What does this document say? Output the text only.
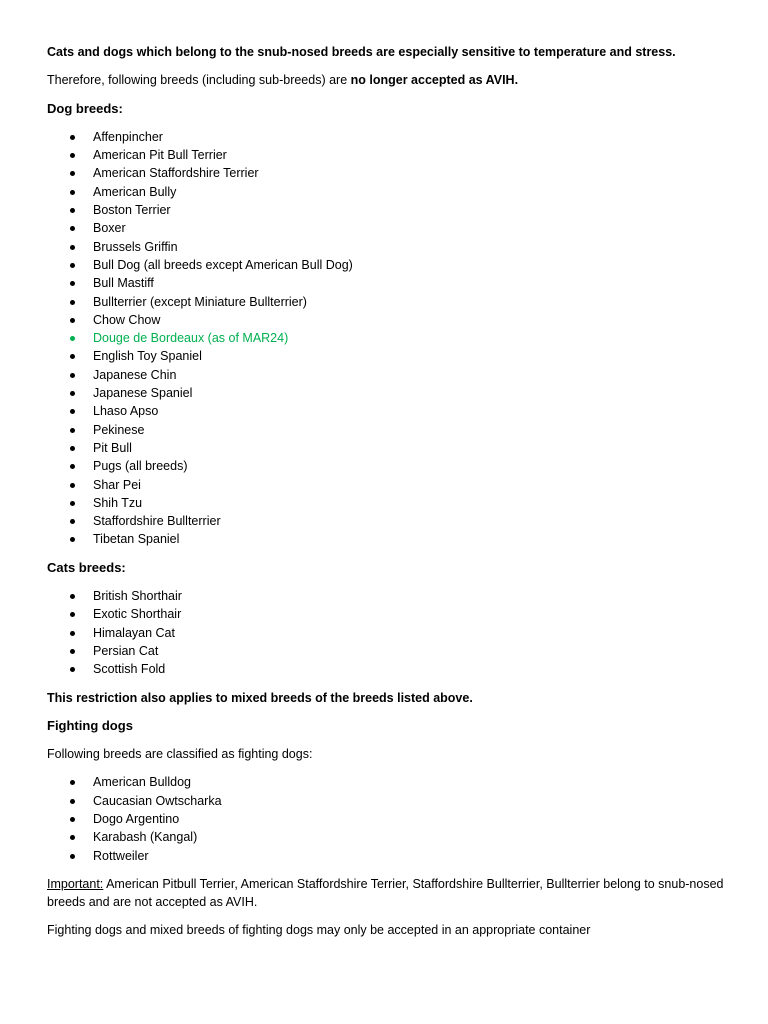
Cats and dogs which belong to the snub-nosed breeds are especially sensitive to temperature and stress.

Therefore, following breeds (including sub-breeds) are no longer accepted as AVIH.

Dog breeds:

Affenpincher
American Pit Bull Terrier
American Staffordshire Terrier
American Bully
Boston Terrier
Boxer
Brussels Griffin
Bull Dog (all breeds except American Bull Dog)
Bull Mastiff
Bullterrier (except Miniature Bullterrier)
Chow Chow
Douge de Bordeaux (as of MAR24)
English Toy Spaniel
Japanese Chin
Japanese Spaniel
Lhaso Apso
Pekinese
Pit Bull
Pugs (all breeds)
Shar Pei
Shih Tzu
Staffordshire Bullterrier
Tibetan Spaniel

Cats breeds:

British Shorthair
Exotic Shorthair
Himalayan Cat
Persian Cat
Scottish Fold

This restriction also applies to mixed breeds of the breeds listed above.

Fighting dogs

Following breeds are classified as fighting dogs:

American Bulldog
Caucasian Owtscharka
Dogo Argentino
Karabash (Kangal)
Rottweiler

Important: American Pitbull Terrier, American Staffordshire Terrier, Staffordshire Bullterrier, Bullterrier belong to snub-nosed breeds and are not accepted as AVIH.

Fighting dogs and mixed breeds of fighting dogs may only be accepted in an appropriate container
